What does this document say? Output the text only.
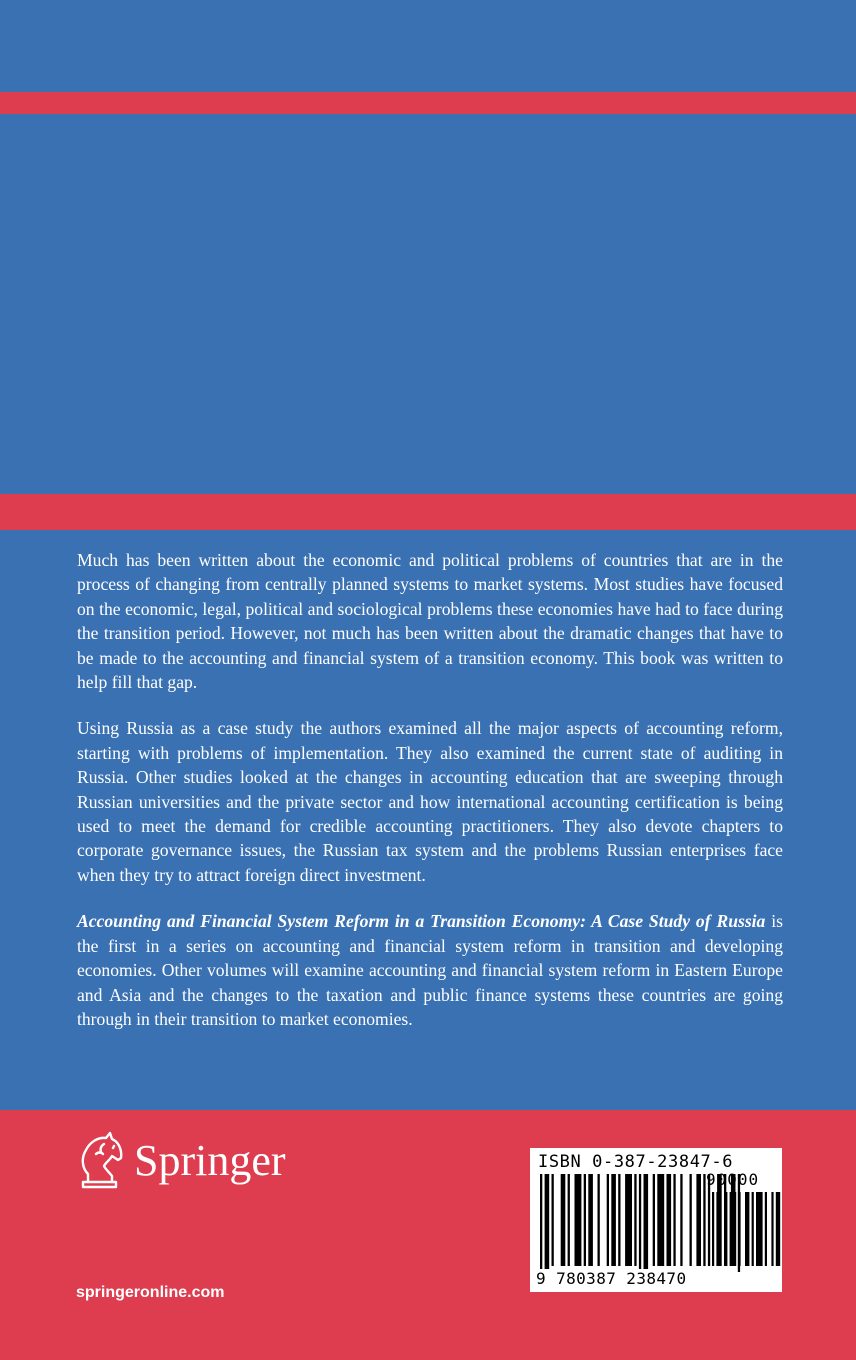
Much has been written about the economic and political problems of countries that are in the process of changing from centrally planned systems to market systems. Most studies have focused on the economic, legal, political and sociological problems these economies have had to face during the transition period. However, not much has been written about the dramatic changes that have to be made to the accounting and financial system of a transition economy. This book was written to help fill that gap.

Using Russia as a case study the authors examined all the major aspects of accounting reform, starting with problems of implementation. They also examined the current state of auditing in Russia. Other studies looked at the changes in accounting education that are sweeping through Russian universities and the private sector and how international accounting certification is being used to meet the demand for credible accounting practitioners. They also devote chapters to corporate governance issues, the Russian tax system and the problems Russian enterprises face when they try to attract foreign direct investment.

Accounting and Financial System Reform in a Transition Economy: A Case Study of Russia is the first in a series on accounting and financial system reform in transition and developing economies. Other volumes will examine accounting and financial system reform in Eastern Europe and Asia and the changes to the taxation and public finance systems these countries are going through in their transition to market economies.

Springer
springeronline.com
ISBN 0-387-23847-6
90000
9 780387 238470
